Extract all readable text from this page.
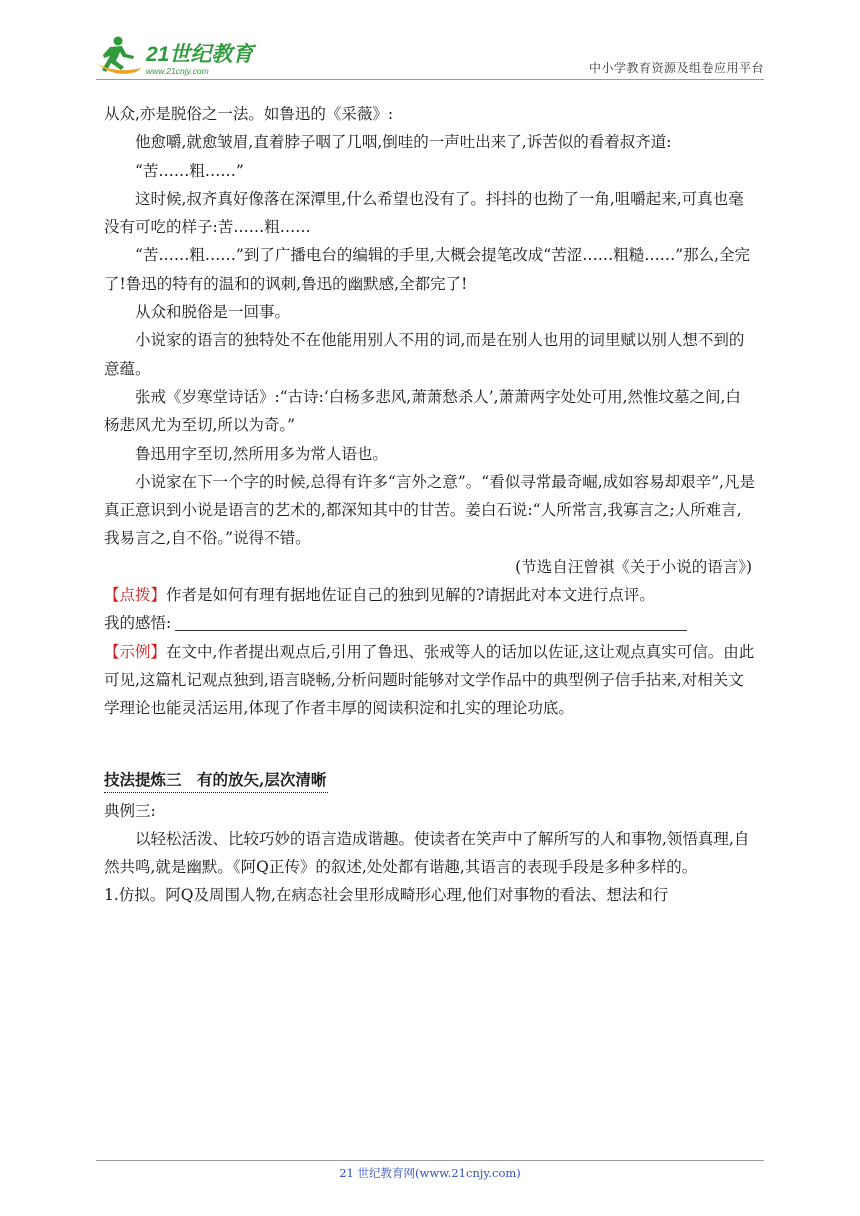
21世纪教育
www.21cnjy.com	中小学教育资源及组卷应用平台

从众,亦是脱俗之一法。如鲁迅的《采薇》:

他愈嚼,就愈皱眉,直着脖子咽了几咽,倒哇的一声吐出来了,诉苦似的看着叔齐道:

“苦……粗……”

这时候,叔齐真好像落在深潭里,什么希望也没有了。抖抖的也拗了一角,咀嚼起来,可真也毫没有可吃的样子:苦……粗……

“苦……粗……”到了广播电台的编辑的手里,大概会提笔改成“苦涩……粗糙……”那么,全完了!鲁迅的特有的温和的讽刺,鲁迅的幽默感,全都完了!

从众和脱俗是一回事。

小说家的语言的独特处不在他能用别人不用的词,而是在别人也用的词里赋以别人想不到的意蕴。

张戒《岁寒堂诗话》:“古诗:‘白杨多悲风,萧萧愁杀人’,萧萧两字处处可用,然惟坟墓之间,白杨悲风尤为至切,所以为奇。”

鲁迅用字至切,然所用多为常人语也。

小说家在下一个字的时候,总得有许多“言外之意”。“看似寻常最奇崛,成如容易却艰辛”,凡是真正意识到小说是语言的艺术的,都深知其中的甘苦。姜白石说:“人所常言,我寡言之;人所难言,我易言之,自不俗。”说得不错。

(节选自汪曾祺《关于小说的语言》)

【点拨】作者是如何有理有据地佐证自己的独到见解的?请据此对本文进行点评。

我的感悟:

【示例】在文中,作者提出观点后,引用了鲁迅、张戒等人的话加以佐证,这让观点真实可信。由此可见,这篇札记观点独到,语言晓畅,分析问题时能够对文学作品中的典型例子信手拈来,对相关文学理论也能灵活运用,体现了作者丰厚的阅读积淀和扎实的理论功底。

技法提炼三　有的放矢,层次清晰

典例三:

以轻松活泼、比较巧妙的语言造成谐趣。使读者在笑声中了解所写的人和事物,领悟真理,自然共鸣,就是幽默。《阿Q正传》的叙述,处处都有谐趣,其语言的表现手段是多种多样的。

1.仿拟。阿Q及周围人物,在病态社会里形成畸形心理,他们对事物的看法、想法和行

21 世纪教育网(www.21cnjy.com)
